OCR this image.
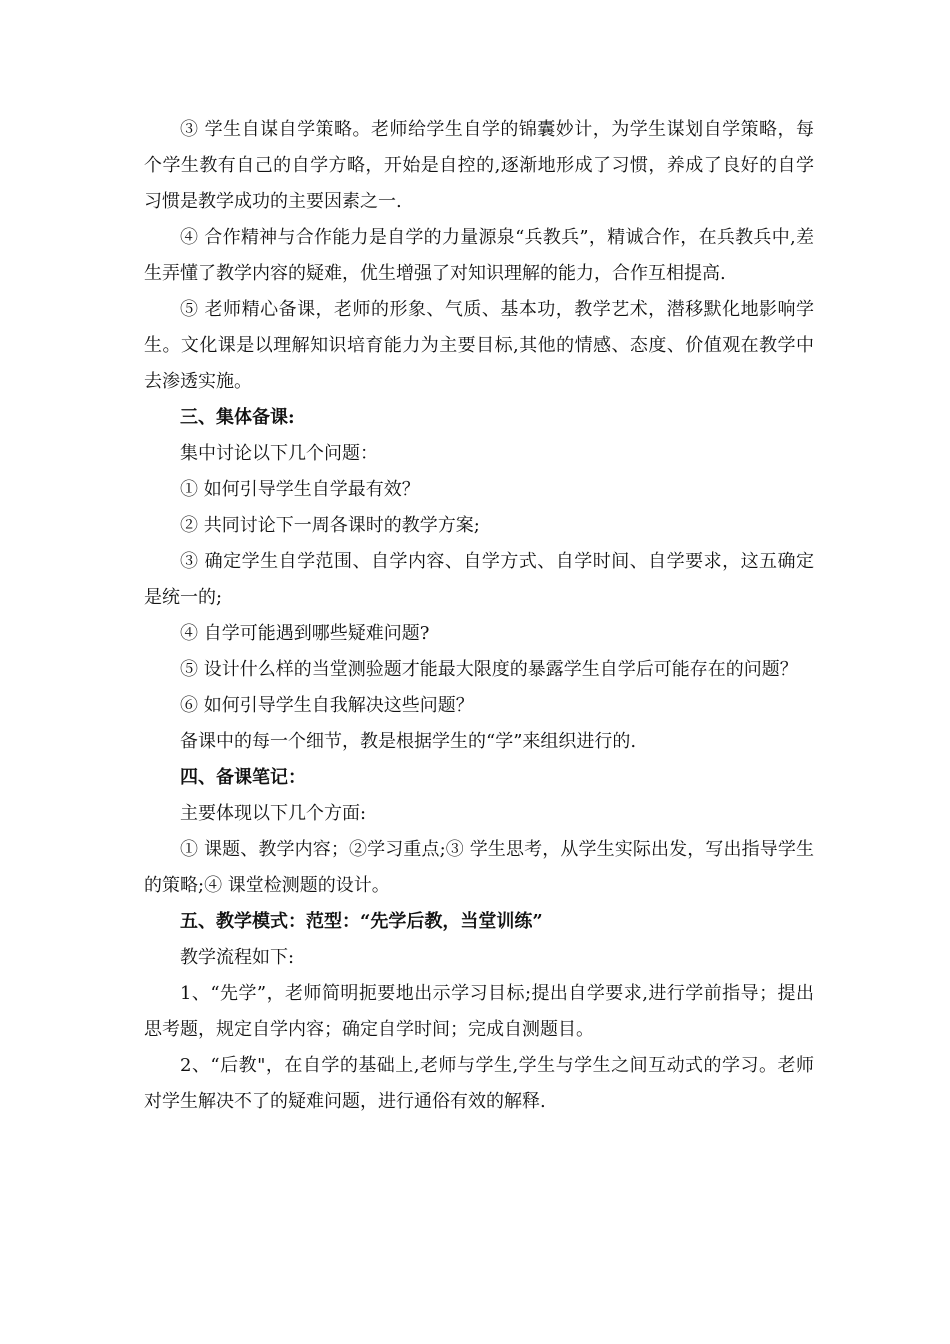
③ 学生自谋自学策略。老师给学生自学的锦囊妙计，为学生谋划自学策略，每个学生教有自己的自学方略，开始是自控的,逐渐地形成了习惯，养成了良好的自学习惯是教学成功的主要因素之一.

④ 合作精神与合作能力是自学的力量源泉“兵教兵”，精诚合作，在兵教兵中,差生弄懂了教学内容的疑难，优生增强了对知识理解的能力，合作互相提高.

⑤ 老师精心备课，老师的形象、气质、基本功，教学艺术，潜移默化地影响学生。文化课是以理解知识培育能力为主要目标,其他的情感、态度、价值观在教学中去渗透实施。

三、集体备课:

集中讨论以下几个问题：

① 如何引导学生自学最有效？

② 共同讨论下一周各课时的教学方案;

③ 确定学生自学范围、自学内容、自学方式、自学时间、自学要求，这五确定是统一的;

④ 自学可能遇到哪些疑难问题?

⑤ 设计什么样的当堂测验题才能最大限度的暴露学生自学后可能存在的问题？

⑥ 如何引导学生自我解决这些问题？

备课中的每一个细节，教是根据学生的“学”来组织进行的.

四、备课笔记：

主要体现以下几个方面:

① 课题、教学内容；②学习重点;③ 学生思考，从学生实际出发，写出指导学生的策略;④ 课堂检测题的设计。

五、教学模式：范型：“先学后教，当堂训练”

教学流程如下:

1、“先学”，老师简明扼要地出示学习目标;提出自学要求,进行学前指导；提出思考题，规定自学内容；确定自学时间；完成自测题目。

2、“后教"，在自学的基础上,老师与学生,学生与学生之间互动式的学习。老师对学生解决不了的疑难问题，进行通俗有效的解释.
